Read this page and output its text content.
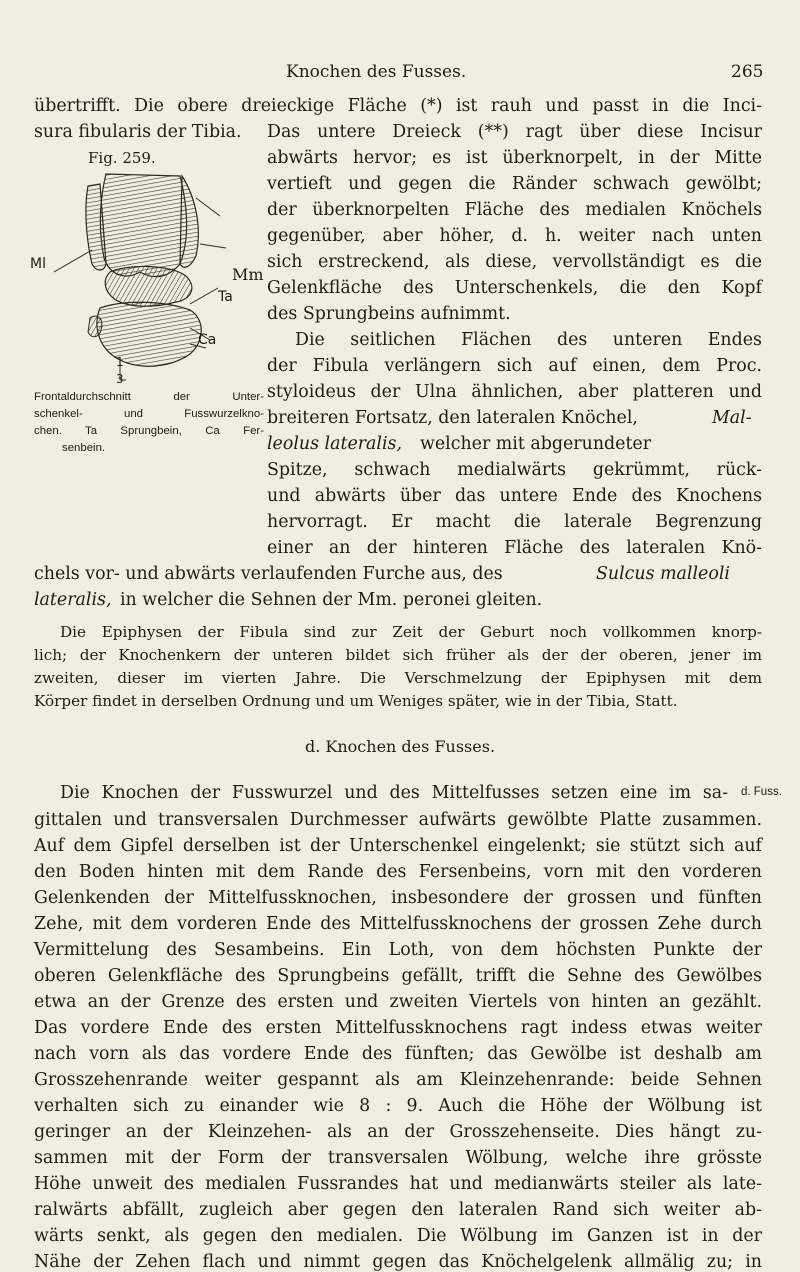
Knochen des Fusses.	265
übertrifft. Die obere dreieckige Fläche (*) ist rauh und passt in die Inci-
sura fibularis der Tibia.	Das untere Dreieck (**) ragt über diese Incisur
Fig. 259.
Ml
Mm
Ta
Ca
1
3
Frontaldurchschnitt der Unter-
schenkel- und Fusswurzelkno-
chen. Ta Sprungbein, Ca Fer-
senbein.
abwärts hervor; es ist überknorpelt, in der Mitte
vertieft und gegen die Ränder schwach gewölbt;
der überknorpelten Fläche des medialen Knöchels
gegenüber, aber höher, d. h. weiter nach unten
sich erstreckend, als diese, vervollständigt es die
Gelenkfläche des Unterschenkels, die den Kopf
des Sprungbeins aufnimmt.
Die seitlichen Flächen des unteren Endes
der Fibula verlängern sich auf einen, dem Proc.
styloideus der Ulna ähnlichen, aber platteren und
breiteren Fortsatz, den lateralen Knöchel,	Mal-
leolus lateralis,	welcher mit abgerundeter
Spitze, schwach medialwärts gekrümmt, rück-
und abwärts über das untere Ende des Knochens
hervorragt. Er macht die laterale Begrenzung
einer an der hinteren Fläche des lateralen Knö-
chels vor- und abwärts verlaufenden Furche aus, des	Sulcus malleoli
lateralis, in welcher die Sehnen der Mm. peronei gleiten.
Die Epiphysen der Fibula sind zur Zeit der Geburt noch vollkommen knorp-
lich; der Knochenkern der unteren bildet sich früher als der der oberen, jener im
zweiten, dieser im vierten Jahre. Die Verschmelzung der Epiphysen mit dem
Körper findet in derselben Ordnung und um Weniges später, wie in der Tibia, Statt.
d. Knochen des Fusses.
d. Fuss.
Die Knochen der Fusswurzel und des Mittelfusses setzen eine im sa-
gittalen und transversalen Durchmesser aufwärts gewölbte Platte zusammen.
Auf dem Gipfel derselben ist der Unterschenkel eingelenkt; sie stützt sich auf
den Boden hinten mit dem Rande des Fersenbeins, vorn mit den vorderen
Gelenkenden der Mittelfussknochen, insbesondere der grossen und fünften
Zehe, mit dem vorderen Ende des Mittelfussknochens der grossen Zehe durch
Vermittelung des Sesambeins. Ein Loth, von dem höchsten Punkte der
oberen Gelenkfläche des Sprungbeins gefällt, trifft die Sehne des Gewölbes
etwa an der Grenze des ersten und zweiten Viertels von hinten an gezählt.
Das vordere Ende des ersten Mittelfussknochens ragt indess etwas weiter
nach vorn als das vordere Ende des fünften; das Gewölbe ist deshalb am
Grosszehenrande weiter gespannt als am Kleinzehenrande: beide Sehnen
verhalten sich zu einander wie 8 : 9. Auch die Höhe der Wölbung ist
geringer an der Kleinzehen- als an der Grosszehenseite. Dies hängt zu-
sammen mit der Form der transversalen Wölbung, welche ihre grösste
Höhe unweit des medialen Fussrandes hat und medianwärts steiler als late-
ralwärts abfällt, zugleich aber gegen den lateralen Rand sich weiter ab-
wärts senkt, als gegen den medialen. Die Wölbung im Ganzen ist in der
Nähe der Zehen flach und nimmt gegen das Knöchelgelenk allmälig zu; in
